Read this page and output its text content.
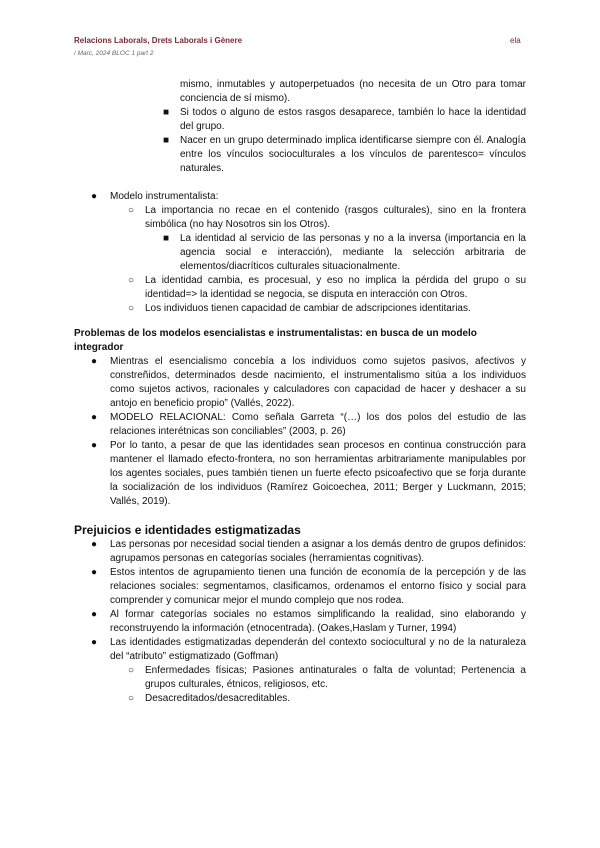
Relacions Laborals, Drets Laborals i Gènere	ela
/ Marc, 2024 BLOC 1 part 2
mismo, inmutables y autoperpetuados (no necesita de un Otro para tomar conciencia de sí mismo).
■ Si todos o alguno de estos rasgos desaparece, también lo hace la identidad del grupo.
■ Nacer en un grupo determinado implica identificarse siempre con él. Analogía entre los vínculos socioculturales a los vínculos de parentesco= vínculos naturales.
● Modelo instrumentalista:
○ La importancia no recae en el contenido (rasgos culturales), sino en la frontera simbólica (no hay Nosotros sin los Otros).
■ La identidad al servicio de las personas y no a la inversa (importancia en la agencia social e interacción), mediante la selección arbitraria de elementos/diacríticos culturales situacionalmente.
○ La identidad cambia, es procesual, y eso no implica la pérdida del grupo o su identidad=> la identidad se negocia, se disputa en interacción con Otros.
○ Los individuos tienen capacidad de cambiar de adscripciones identitarias.
Problemas de los modelos esencialistas e instrumentalistas: en busca de un modelo integrador
● Mientras el esencialismo concebía a los individuos como sujetos pasivos, afectivos y constreñidos, determinados desde nacimiento, el instrumentalismo sitúa a los individuos como sujetos activos, racionales y calculadores con capacidad de hacer y deshacer a su antojo en beneficio propio” (Vallés, 2022).
● MODELO RELACIONAL: Como señala Garreta “(…) los dos polos del estudio de las relaciones interétnicas son conciliables” (2003, p. 26)
● Por lo tanto, a pesar de que las identidades sean procesos en continua construcción para mantener el llamado efecto-frontera, no son herramientas arbitrariamente manipulables por los agentes sociales, pues también tienen un fuerte efecto psicoafectivo que se forja durante la socialización de los individuos (Ramírez Goicoechea, 2011; Berger y Luckmann, 2015; Vallés, 2019).
Prejuicios e identidades estigmatizadas
● Las personas por necesidad social tienden a asignar a los demás dentro de grupos definidos: agrupamos personas en categorías sociales (herramientas cognitivas).
● Estos intentos de agrupamiento tienen una función de economía de la percepción y de las relaciones sociales: segmentamos, clasificamos, ordenamos el entorno físico y social para comprender y comunicar mejor el mundo complejo que nos rodea.
● Al formar categorías sociales no estamos simplificando la realidad, sino elaborando y reconstruyendo la información (etnocentrada). (Oakes,Haslam y Turner, 1994)
● Las identidades estigmatizadas dependerán del contexto sociocultural y no de la naturaleza del “atributo” estigmatizado (Goffman)
○ Enfermedades físicas; Pasiones antinaturales o falta de voluntad; Pertenencia a grupos culturales, étnicos, religiosos, etc.
○ Desacreditados/desacreditables.
